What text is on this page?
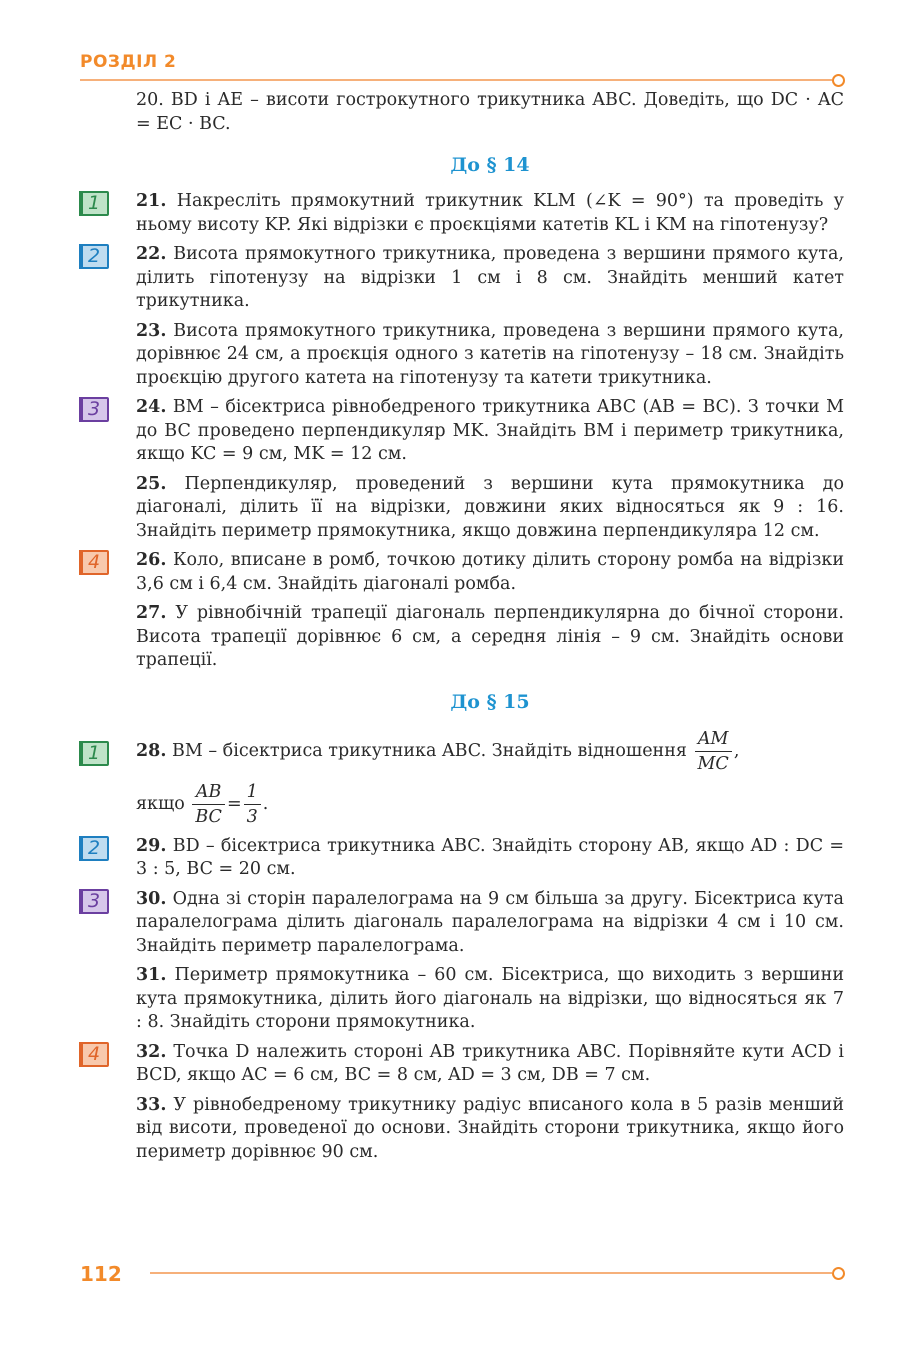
РОЗДІЛ 2
20. BD і AE – висоти гострокутного трикутника ABC. Доведіть, що DC · AC = EC · BC.
До § 14
1	21. Накресліть прямокутний трикутник KLM (∠K = 90°) та проведіть у ньому висоту KP. Які відрізки є проєкціями катетів KL і KM на гіпотенузу?
2	22. Висота прямокутного трикутника, проведена з вершини прямого кута, ділить гіпотенузу на відрізки 1 см і 8 см. Знайдіть менший катет трикутника.
23. Висота прямокутного трикутника, проведена з вершини прямого кута, дорівнює 24 см, а проєкція одного з катетів на гіпотенузу – 18 см. Знайдіть проєкцію другого катета на гіпотенузу та катети трикутника.
3	24. BM – бісектриса рівнобедреного трикутника ABC (AB = BC). З точки M до BC проведено перпендикуляр MK. Знайдіть BM і периметр трикутника, якщо KC = 9 см, MK = 12 см.
25. Перпендикуляр, проведений з вершини кута прямокутника до діагоналі, ділить її на відрізки, довжини яких відносяться як 9 : 16. Знайдіть периметр прямокутника, якщо довжина перпендикуляра 12 см.
4	26. Коло, вписане в ромб, точкою дотику ділить сторону ромба на відрізки 3,6 см і 6,4 см. Знайдіть діагоналі ромба.
27. У рівнобічній трапеції діагональ перпендикулярна до бічної сторони. Висота трапеції дорівнює 6 см, а середня лінія – 9 см. Знайдіть основи трапеції.
До § 15
1	28. BM – бісектриса трикутника ABC. Знайдіть відношення $\frac{AM}{MC}$ ,
якщо $\frac{AB}{BC} = \frac{1}{3}$ .
2	29. BD – бісектриса трикутника ABC. Знайдіть сторону AB, якщо AD : DC = 3 : 5, BC = 20 см.
3	30. Одна зі сторін паралелограма на 9 см більша за другу. Бісектриса кута паралелограма ділить діагональ паралелограма на відрізки 4 см і 10 см. Знайдіть периметр паралелограма.
31. Периметр прямокутника – 60 см. Бісектриса, що виходить з вершини кута прямокутника, ділить його діагональ на відрізки, що відносяться як 7 : 8. Знайдіть сторони прямокутника.
4	32. Точка D належить стороні AB трикутника ABC. Порівняйте кути ACD і BCD, якщо AC = 6 см, BC = 8 см, AD = 3 см, DB = 7 см.
33. У рівнобедреному трикутнику радіус вписаного кола в 5 разів менший від висоти, проведеної до основи. Знайдіть сторони трикутника, якщо його периметр дорівнює 90 см.
112
